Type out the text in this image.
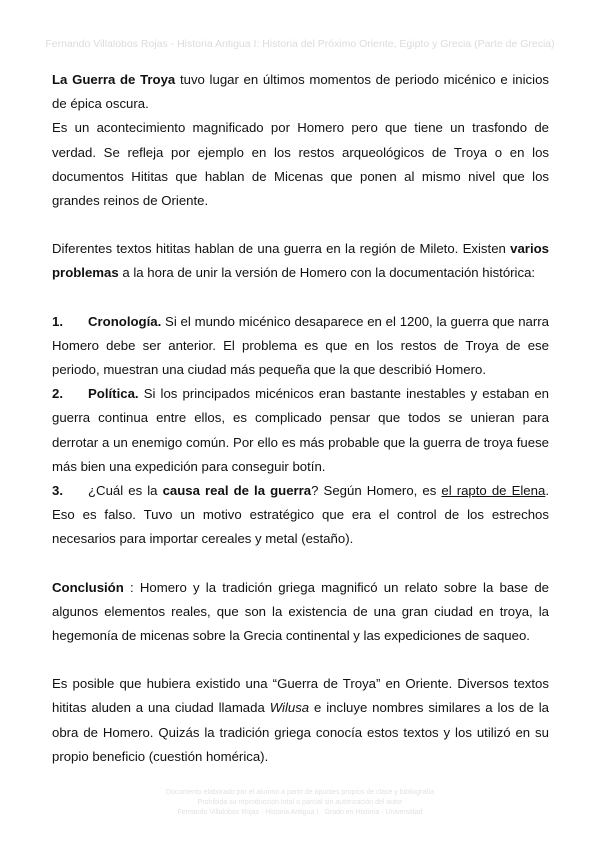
Fernando Villalobos Rojas - Historia Antigua I: Historia del Próximo Oriente, Egipto y Grecia (Parte de Grecia)

La Guerra de Troya tuvo lugar en últimos momentos de periodo micénico e inicios de épica oscura.

Es un acontecimiento magnificado por Homero pero que tiene un trasfondo de verdad. Se refleja por ejemplo en los restos arqueológicos de Troya o en los documentos Hititas que hablan de Micenas que ponen al mismo nivel que los grandes reinos de Oriente.

Diferentes textos hititas hablan de una guerra en la región de Mileto. Existen varios problemas a la hora de unir la versión de Homero con la documentación histórica:

1. Cronología. Si el mundo micénico desaparece en el 1200, la guerra que narra Homero debe ser anterior. El problema es que en los restos de Troya de ese periodo, muestran una ciudad más pequeña que la que describió Homero.

2. Política. Si los principados micénicos eran bastante inestables y estaban en guerra continua entre ellos, es complicado pensar que todos se unieran para derrotar a un enemigo común. Por ello es más probable que la guerra de troya fuese más bien una expedición para conseguir botín.

3. ¿Cuál es la causa real de la guerra? Según Homero, es el rapto de Elena. Eso es falso. Tuvo un motivo estratégico que era el control de los estrechos necesarios para importar cereales y metal (estaño).

Conclusión : Homero y la tradición griega magnificó un relato sobre la base de algunos elementos reales, que son la existencia de una gran ciudad en troya, la hegemonía de micenas sobre la Grecia continental y las expediciones de saqueo.

Es posible que hubiera existido una “Guerra de Troya” en Oriente. Diversos textos hititas aluden a una ciudad llamada Wilusa e incluye nombres similares a los de la obra de Homero. Quizás la tradición griega conocía estos textos y los utilizó en su propio beneficio (cuestión homérica).

Documento elaborado por el alumno a partir de apuntes propios de clase y bibliografía
Prohibida su reproducción total o parcial sin autorización del autor
Fernando Villalobos Rojas · Historia Antigua I · Grado en Historia · Universidad
